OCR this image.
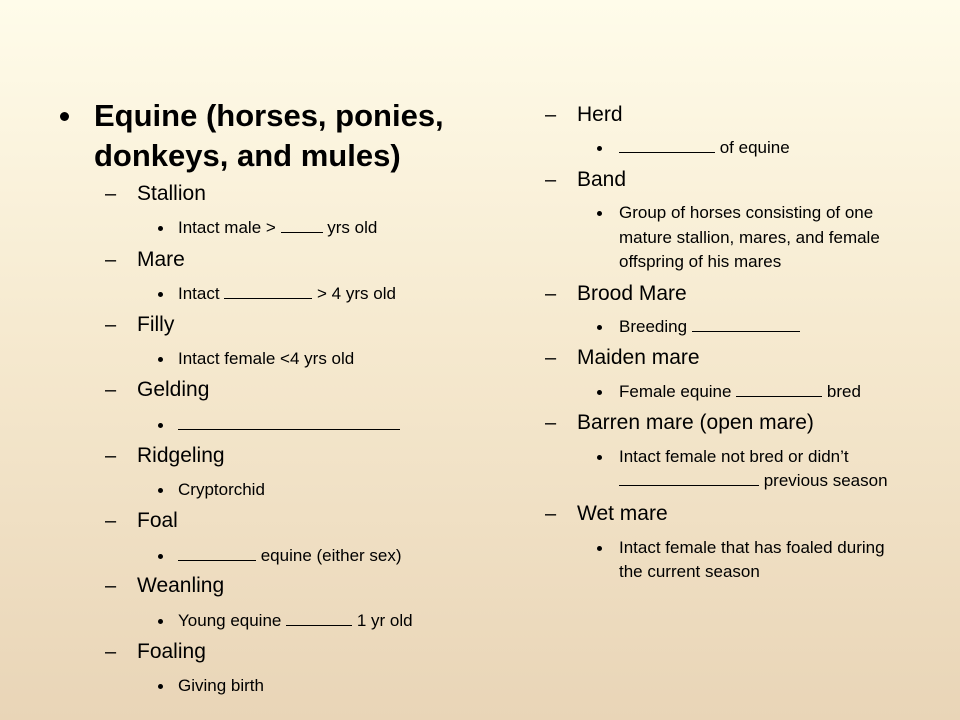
Equine (horses, ponies,
donkeys, and mules)
– Stallion
Intact male >  yrs old
– Mare
Intact	> 4 yrs old
– Filly
Intact female <4 yrs old
– Gelding
– Ridgeling
Cryptorchid
– Foal
equine (either sex)
– Weanling
Young equine	1 yr old
– Foaling
Giving birth
– Herd
of equine
– Band
Group of horses consisting of one
mature stallion, mares, and female
offspring of his mares
– Brood Mare
Breeding
– Maiden mare
Female equine	bred
– Barren mare (open mare)
Intact female not bred or didn’t
previous season
– Wet mare
Intact female that has foaled during
the current season
